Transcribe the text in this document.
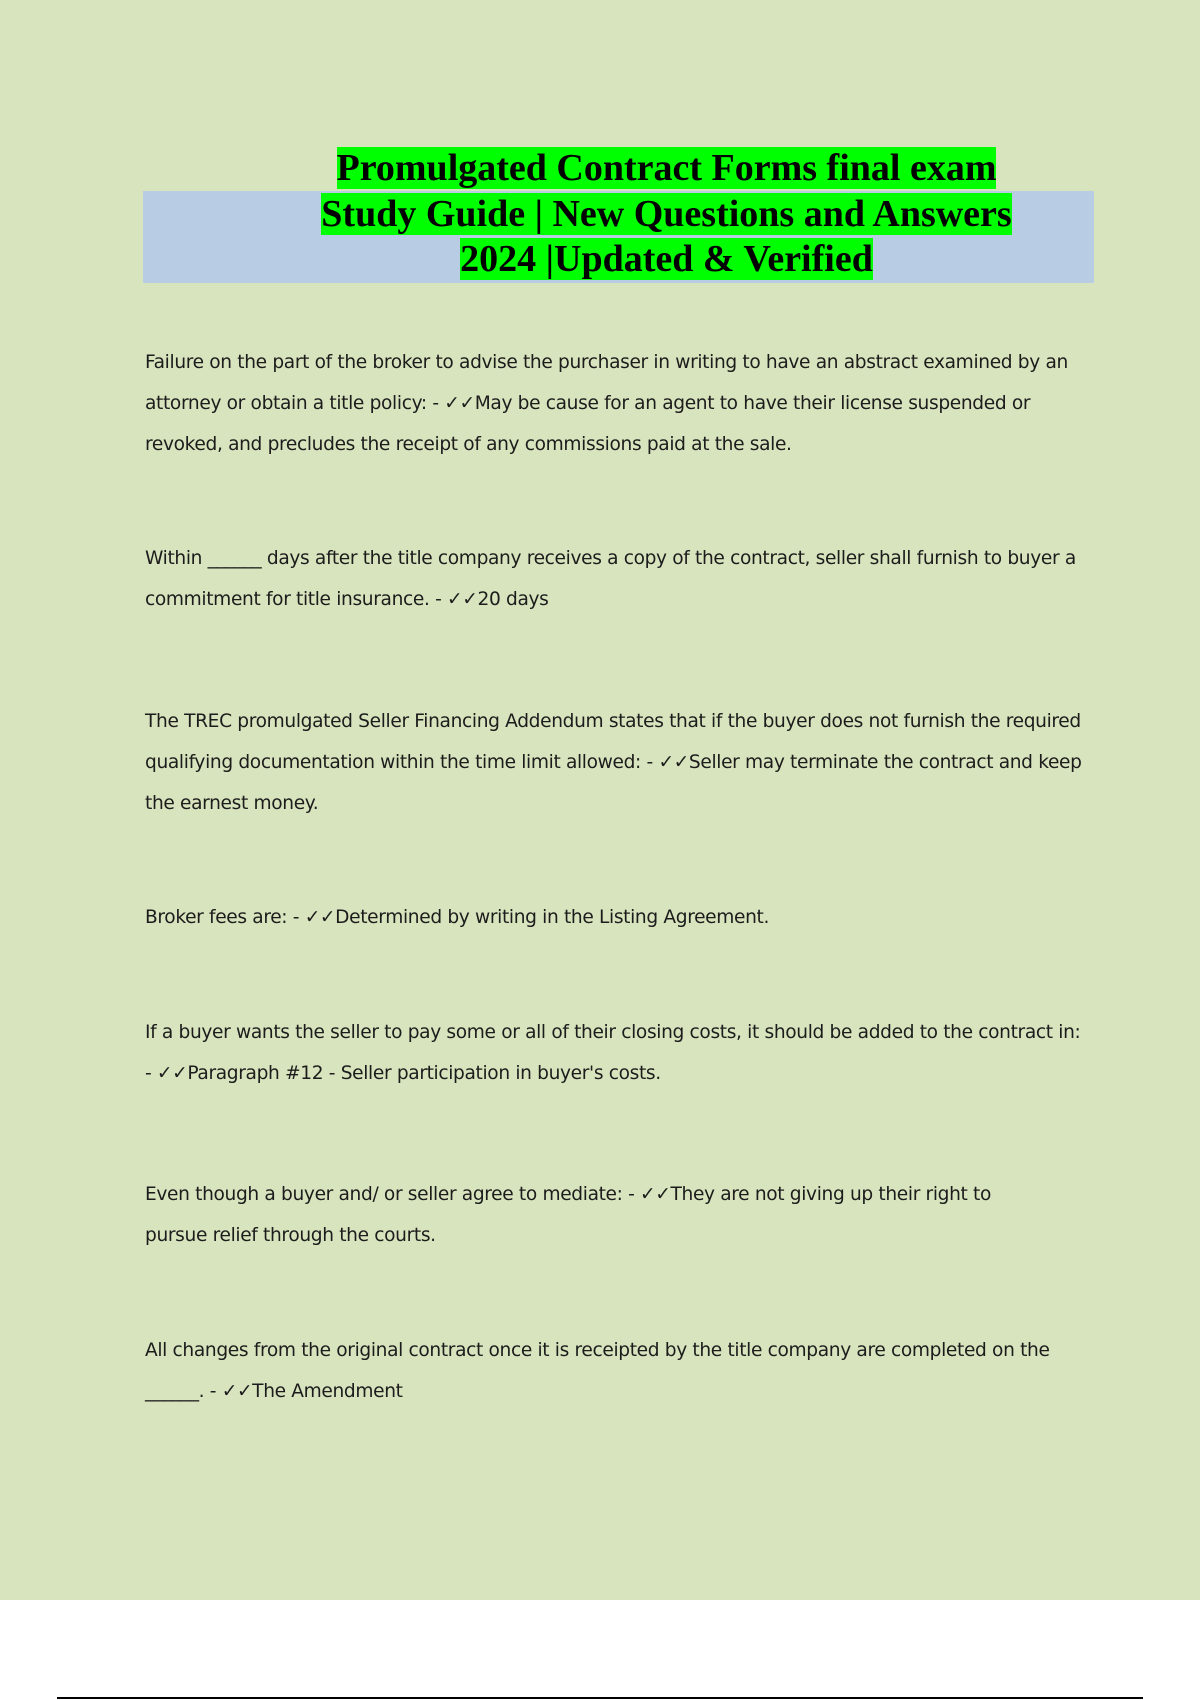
Promulgated Contract Forms final exam
Study Guide | New Questions and Answers
2024 |Updated & Verified

Failure on the part of the broker to advise the purchaser in writing to have an abstract examined by an attorney or obtain a title policy: - ✓✓May be cause for an agent to have their license suspended or revoked, and precludes the receipt of any commissions paid at the sale.

Within ______ days after the title company receives a copy of the contract, seller shall furnish to buyer a commitment for title insurance. - ✓✓20 days

The TREC promulgated Seller Financing Addendum states that if the buyer does not furnish the required qualifying documentation within the time limit allowed: - ✓✓Seller may terminate the contract and keep the earnest money.

Broker fees are: - ✓✓Determined by writing in the Listing Agreement.

If a buyer wants the seller to pay some or all of their closing costs, it should be added to the contract in: - ✓✓Paragraph #12 - Seller participation in buyer's costs.

Even though a buyer and/ or seller agree to mediate: - ✓✓They are not giving up their right to pursue relief through the courts.

All changes from the original contract once it is receipted by the title company are completed on the ______. - ✓✓The Amendment
